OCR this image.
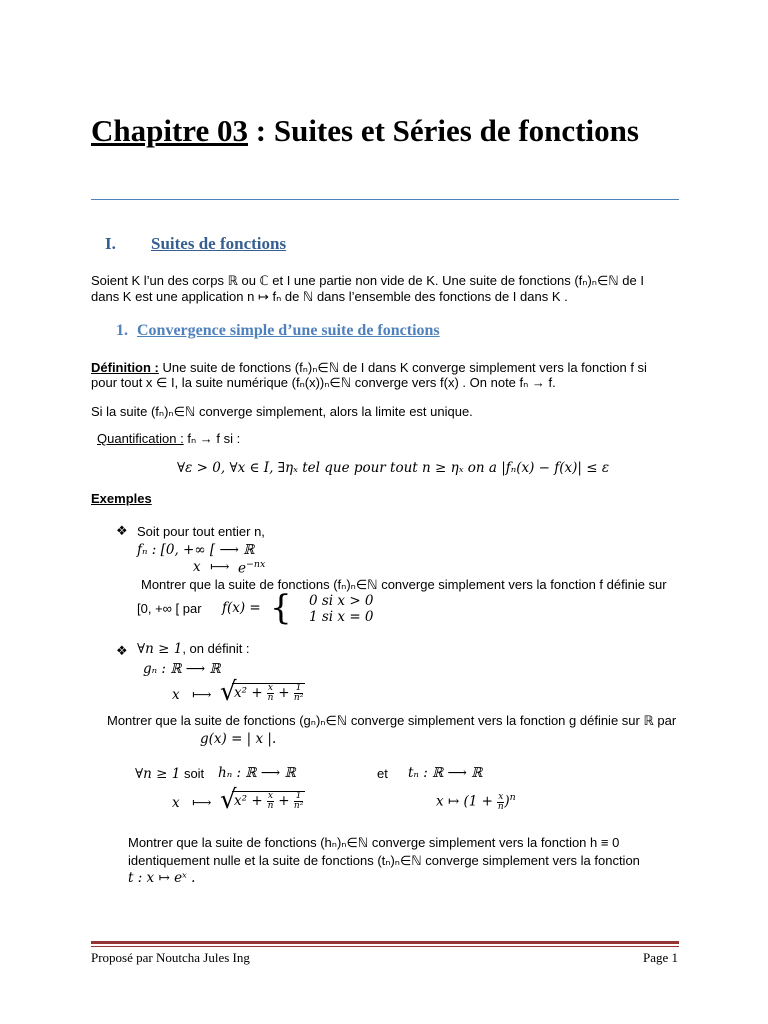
Chapitre 03 : Suites et Séries de fonctions
I. Suites de fonctions
Soient K l’un des corps ℝ ou ℂ et I une partie non vide de K. Une suite de fonctions (fₙ)ₙ∈ℕ de I
dans K est une application n ↦ fₙ de ℕ dans l’ensemble des fonctions de I dans K .
1. Convergence simple d’une suite de fonctions
Définition : Une suite de fonctions (fₙ)ₙ∈ℕ de I dans K converge simplement vers la fonction f si
pour tout x ∈ I, la suite numérique (fₙ(x))ₙ∈ℕ converge vers f(x) . On note fₙ → f.
Si la suite (fₙ)ₙ∈ℕ converge simplement, alors la limite est unique.
Quantification : fₙ → f si :
∀ε > 0, ∀x ∈ I, ∃ηₓ tel que pour tout n ≥ ηₓ on a |fₙ(x) − f(x)| ≤ ε
Exemples
❖ Soit pour tout entier n,
fₙ : [0, +∞ [ ⟶ ℝ
x ⟼ $e^{-nx}$
Montrer que la suite de fonctions (fₙ)ₙ∈ℕ converge simplement vers la fonction f définie sur
[0, +∞ [ par f(x) = { 0 si x > 0
1 si x = 0
❖ ∀n ≥ 1, on définit :
gₙ : ℝ ⟶ ℝ
x ⟼	√ $x^2 + \frac{x}{n} + \frac{1}{\text{n²}}$
Montrer que la suite de fonctions (gₙ)ₙ∈ℕ converge simplement vers la fonction g définie sur ℝ par
g(x) = | x |.
∀n ≥ 1 soit hₙ : ℝ ⟶ ℝ	et tₙ : ℝ ⟶ ℝ
x ⟼	√ $x^2 + \frac{x}{n} + \frac{1}{\text{n²}}$	x ↦ $(1 + \frac{x}{n} )^n$
Montrer que la suite de fonctions (hₙ)ₙ∈ℕ converge simplement vers la fonction h ≡ 0
identiquement nulle et la suite de fonctions (tₙ)ₙ∈ℕ converge simplement vers la fonction
t : x ↦ eˣ .
Proposé par Noutcha Jules Ing	Page 1
